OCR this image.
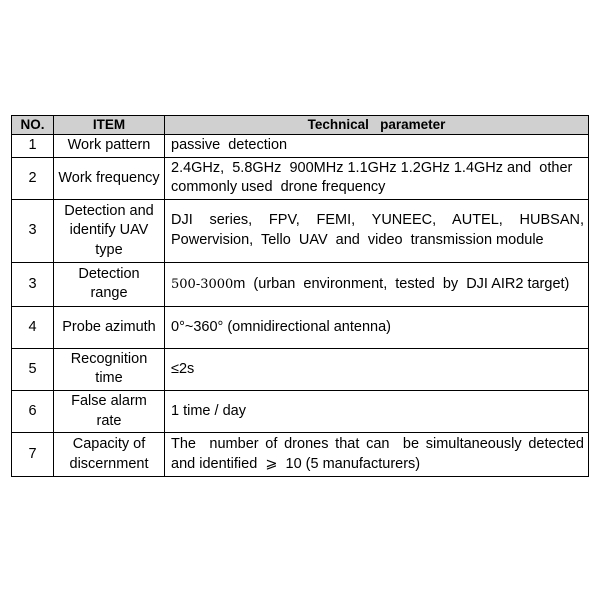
NO.	ITEM	Technical   parameter
1	Work pattern	passive  detection
2	Work frequency	2.4GHz,  5.8GHz  900MHz 1.1GHz 1.2GHz 1.4GHz and  other  commonly used  drone frequency
3	Detection and identify UAV type	DJI series, FPV, FEMI, YUNEEC, AUTEL, HUBSAN, Powervision,  Tello  UAV  and  video  transmission module
3	Detection range	500-3000m  (urban  environment,  tested  by  DJI AIR2 target)
4	Probe azimuth	0°~360° (omnidirectional antenna)
5	Recognition time	≤2s
6	False alarm rate	1 time / day
7	Capacity of discernment	The  number of drones that can  be simultaneously detected and identified  ⩾  10 (5 manufacturers)
